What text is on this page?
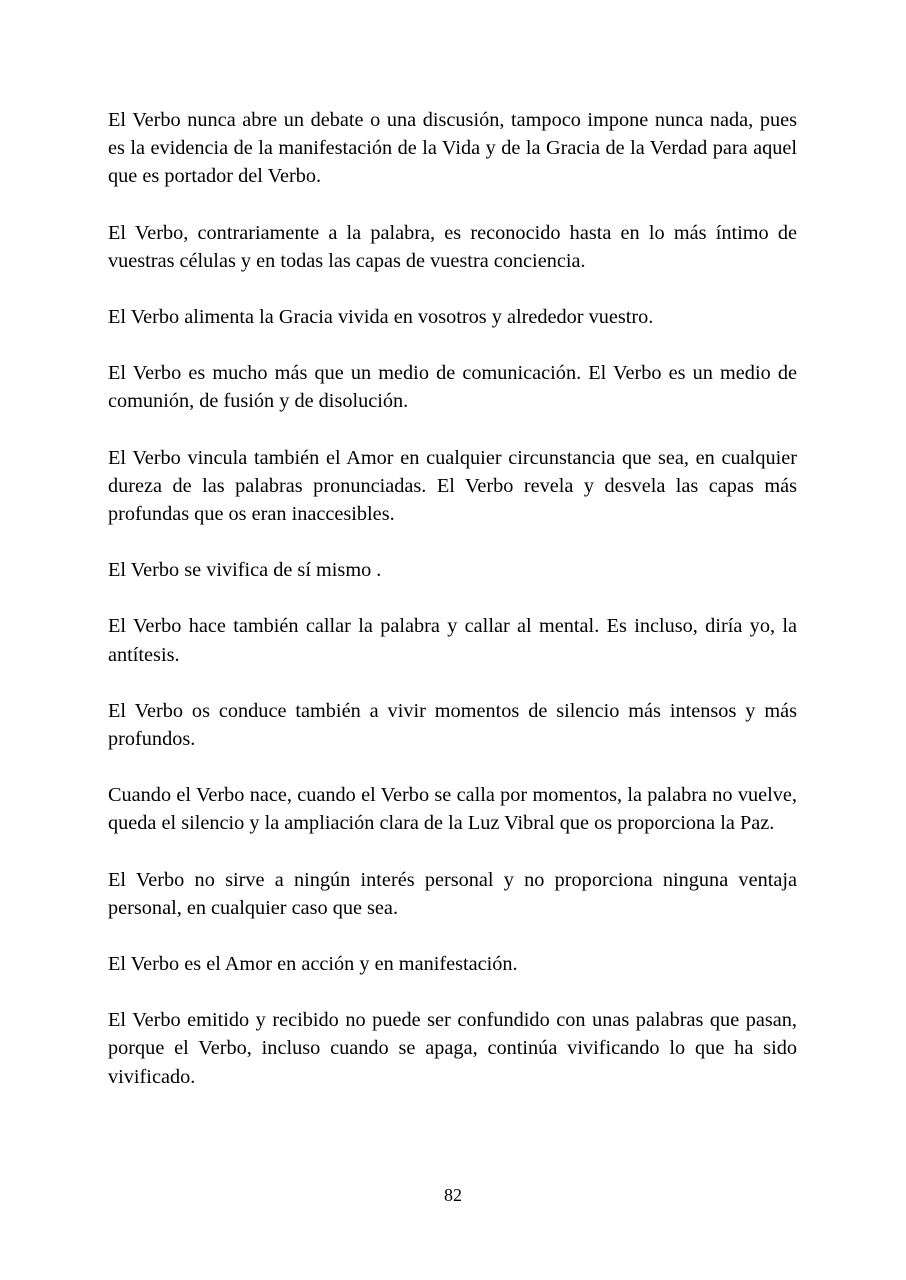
El Verbo nunca abre un debate o una discusión, tampoco impone nunca nada, pues es la evidencia de la manifestación de la Vida y de la Gracia de la Verdad para aquel que es portador del Verbo.

El Verbo, contrariamente a la palabra, es reconocido hasta en lo más íntimo de vuestras células y en todas las capas de vuestra conciencia.

El Verbo alimenta la Gracia vivida en vosotros y alrededor vuestro.

El Verbo es mucho más que un medio de comunicación. El Verbo es un medio de comunión, de fusión y de disolución.

El Verbo vincula también el Amor en cualquier circunstancia que sea, en cualquier dureza de las palabras pronunciadas. El Verbo revela y desvela las capas más profundas que os eran inaccesibles.

El Verbo se vivifica de sí mismo .

El Verbo hace también callar la palabra y callar al mental. Es incluso, diría yo, la antítesis.

El Verbo os conduce también a vivir momentos de silencio más intensos y más profundos.

Cuando el Verbo nace, cuando el Verbo se calla por momentos, la palabra no vuelve, queda el silencio y la ampliación clara de la Luz Vibral que os proporciona la Paz.

El Verbo no sirve a ningún interés personal y no proporciona ninguna ventaja personal, en cualquier caso que sea.

El Verbo es el Amor en acción y en manifestación.

El Verbo emitido y recibido no puede ser confundido con unas palabras que pasan, porque el Verbo, incluso cuando se apaga, continúa vivificando lo que ha sido vivificado.

82
